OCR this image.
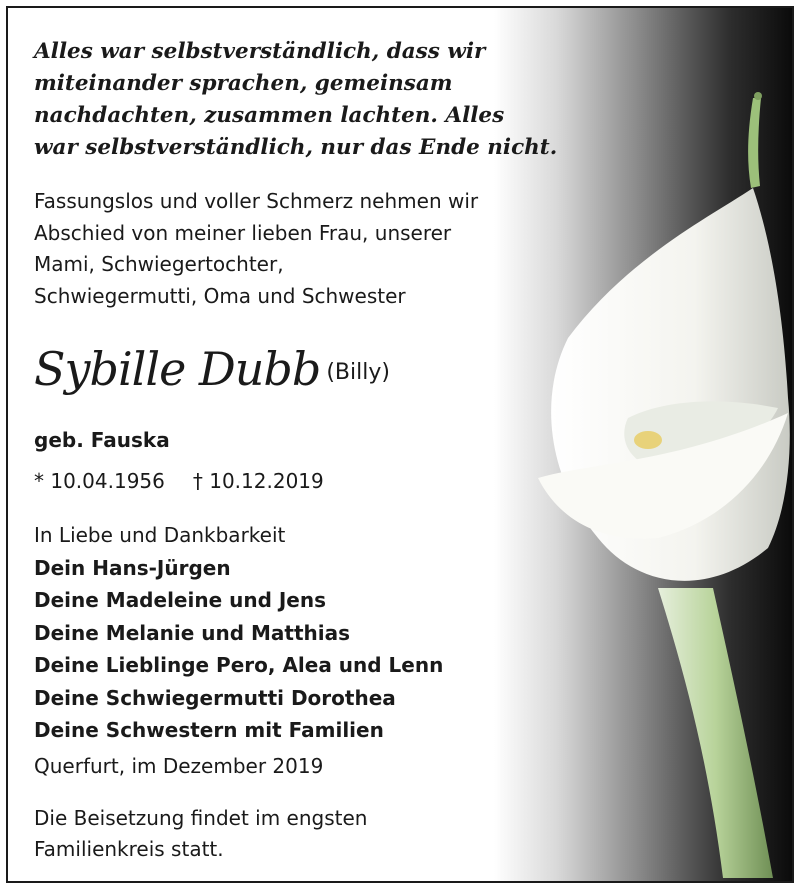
Alles war selbstverständlich, dass wir
miteinander sprachen, gemeinsam
nachdachten, zusammen lachten. Alles
war selbstverständlich, nur das Ende nicht.
Fassungslos und voller Schmerz nehmen wir
Abschied von meiner lieben Frau, unserer
Mami, Schwiegertochter,
Schwiegermutti, Oma und Schwester
Sybille Dubb (Billy)
geb. Fauska
* 10.04.1956 † 10.12.2019
In Liebe und Dankbarkeit
Dein Hans-Jürgen
Deine Madeleine und Jens
Deine Melanie und Matthias
Deine Lieblinge Pero, Alea und Lenn
Deine Schwiegermutti Dorothea
Deine Schwestern mit Familien
Querfurt, im Dezember 2019
Die Beisetzung findet im engsten
Familienkreis statt.
